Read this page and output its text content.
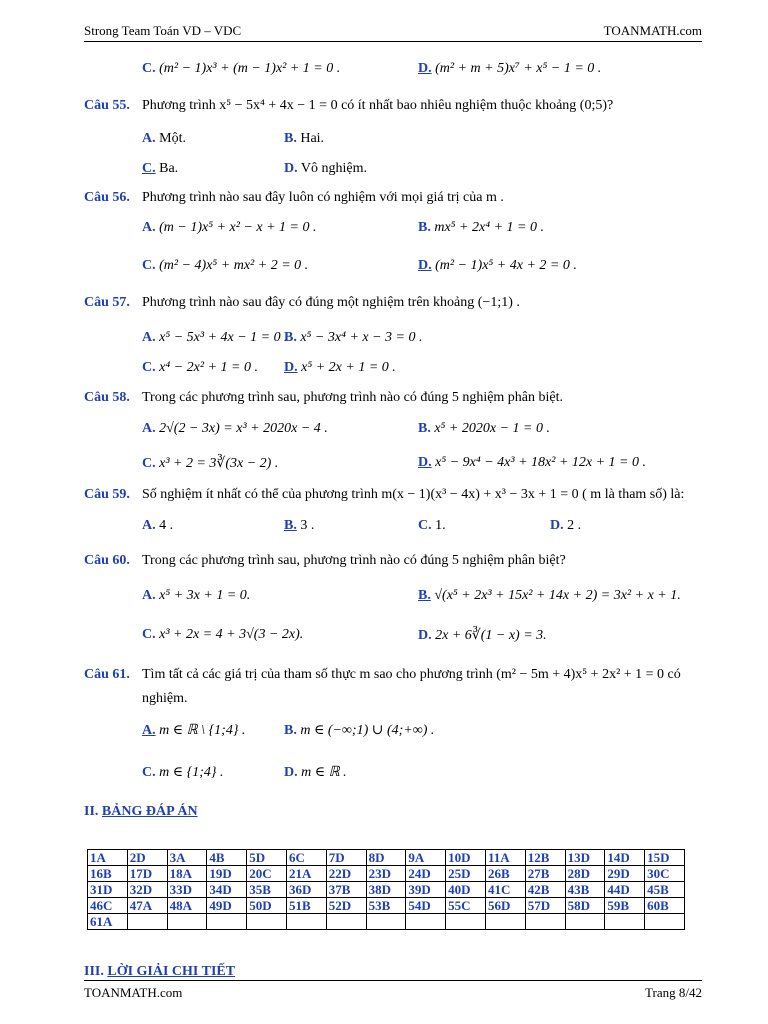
Strong Team Toán VD – VDC	TOANMATH.com
C. (m² − 1)x³ + (m − 1)x² + 1 = 0 .	D. (m² + m + 5)x⁷ + x⁵ − 1 = 0 .
Câu 55. Phương trình x⁵ − 5x⁴ + 4x − 1 = 0 có ít nhất bao nhiêu nghiệm thuộc khoảng (0;5)?
A. Một.	B. Hai.
C. Ba.	D. Vô nghiệm.
Câu 56. Phương trình nào sau đây luôn có nghiệm với mọi giá trị của m .
A. (m − 1)x⁵ + x² − x + 1 = 0 .	B. mx⁵ + 2x⁴ + 1 = 0 .
C. (m² − 4)x⁵ + mx² + 2 = 0 .	D. (m² − 1)x⁵ + 4x + 2 = 0 .
Câu 57. Phương trình nào sau đây có đúng một nghiệm trên khoảng (−1;1) .
A. x⁵ − 5x³ + 4x − 1 = 0 .
B. x⁵ − 3x⁴ + x − 3 = 0 .
C. x⁴ − 2x² + 1 = 0 . D. x⁵ + 2x + 1 = 0 .
Câu 58. Trong các phương trình sau, phương trình nào có đúng 5 nghiệm phân biệt.
A. 2√(2 − 3x) = x³ + 2020x − 4 .	B. x⁵ + 2020x − 1 = 0 .
C. x³ + 2 = 3∛(3x − 2) .	D. x⁵ − 9x⁴ − 4x³ + 18x² + 12x + 1 = 0 .
Câu 59. Số nghiệm ít nhất có thể của phương trình m(x − 1)(x³ − 4x) + x³ − 3x + 1 = 0 ( m là tham số) là:
A. 4 .	B. 3 .	C. 1.	D. 2 .
Câu 60. Trong các phương trình sau, phương trình nào có đúng 5 nghiệm phân biệt?
A. x⁵ + 3x + 1 = 0.	B. √(x⁵ + 2x³ + 15x² + 14x + 2) = 3x² + x + 1.
C. x³ + 2x = 4 + 3√(3 − 2x).	D. 2x + 6∛(1 − x) = 3.
Câu 61. Tìm tất cả các giá trị của tham số thực m sao cho phương trình (m² − 5m + 4)x⁵ + 2x² + 1 = 0 có
nghiệm.
A. m ∈ ℝ \ {1;4} .	B. m ∈ (−∞;1) ∪ (4;+∞) .
C. m ∈ {1;4} .	D. m ∈ ℝ .
II. BẢNG ĐÁP ÁN
1A	2D	3A	4B	5D	6C	7D	8D	9A	10D	11A	12B	13D	14D	15D
16B	17D	18A	19D	20C	21A	22D	23D	24D	25D	26B	27B	28D	29D	30C
31D	32D	33D	34D	35B	36D	37B	38D	39D	40D	41C	42B	43B	44D	45B
46C	47A	48A	49D	50D	51B	52D	53B	54D	55C	56D	57D	58D	59B	60B
61A														
III. LỜI GIẢI CHI TIẾT
TOANMATH.com	Trang 8/42
